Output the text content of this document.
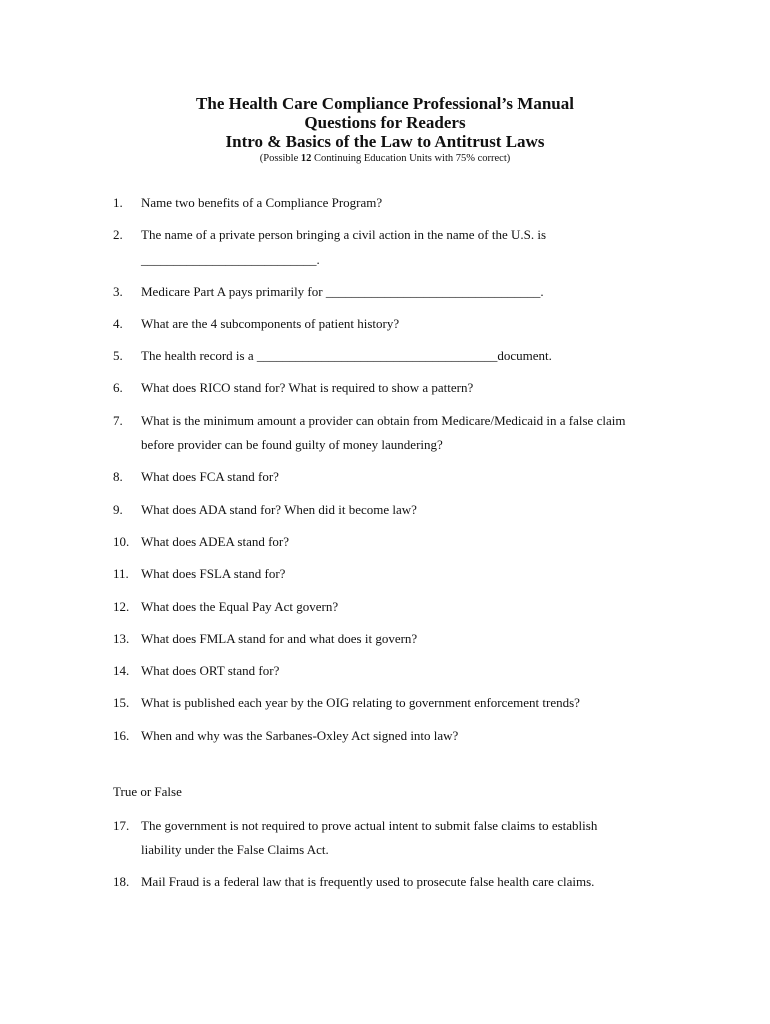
The Health Care Compliance Professional’s Manual
Questions for Readers
Intro & Basics of the Law to Antitrust Laws
(Possible 12 Continuing Education Units with 75% correct)
1. Name two benefits of a Compliance Program?
2. The name of a private person bringing a civil action in the name of the U.S. is
___________________________.
3. Medicare Part A pays primarily for _________________________________.
4. What are the 4 subcomponents of patient history?
5. The health record is a _____________________________________document.
6. What does RICO stand for? What is required to show a pattern?
7. What is the minimum amount a provider can obtain from Medicare/Medicaid in a false claim
before provider can be found guilty of money laundering?
8. What does FCA stand for?
9. What does ADA stand for? When did it become law?
10. What does ADEA stand for?
11. What does FSLA stand for?
12. What does the Equal Pay Act govern?
13. What does FMLA stand for and what does it govern?
14. What does ORT stand for?
15. What is published each year by the OIG relating to government enforcement trends?
16. When and why was the Sarbanes-Oxley Act signed into law?
True or False
17. The government is not required to prove actual intent to submit false claims to establish
liability under the False Claims Act.
18. Mail Fraud is a federal law that is frequently used to prosecute false health care claims.
